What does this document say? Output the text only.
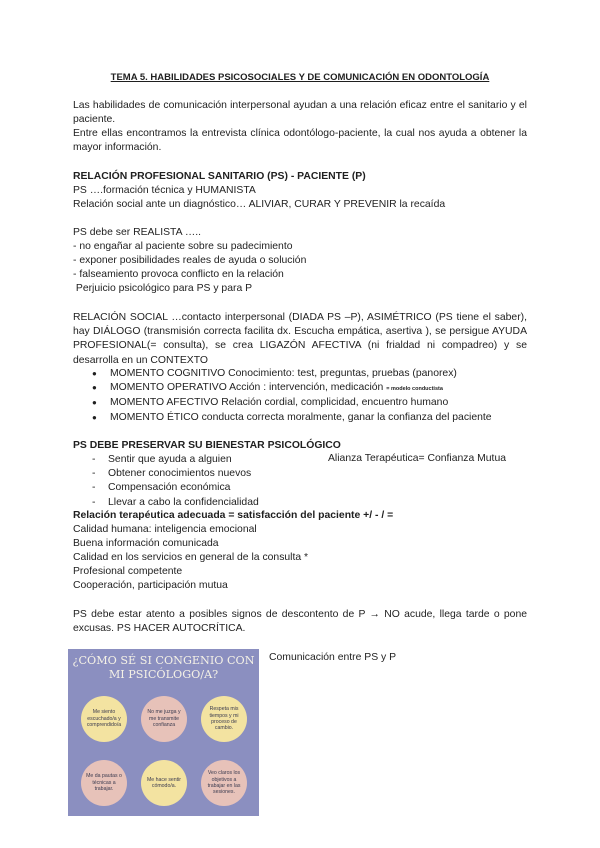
TEMA 5. HABILIDADES PSICOSOCIALES Y DE COMUNICACIÓN EN ODONTOLOGÍA
Las habilidades de comunicación interpersonal ayudan a una relación eficaz entre el sanitario y el paciente.
Entre ellas encontramos la entrevista clínica odontólogo-paciente, la cual nos ayuda a obtener la mayor información.
RELACIÓN PROFESIONAL SANITARIO (PS) - PACIENTE (P)
PS ….formación técnica y HUMANISTA
Relación social ante un diagnóstico… ALIVIAR, CURAR Y PREVENIR la recaída
PS debe ser REALISTA …..
- no engañar al paciente sobre su padecimiento
- exponer posibilidades reales de ayuda o solución
- falseamiento provoca conflicto en la relación
Perjuicio psicológico para PS y para P
RELACIÓN SOCIAL …contacto interpersonal (DIADA PS –P), ASIMÉTRICO (PS tiene el saber), hay DIÁLOGO (transmisión correcta facilita dx. Escucha empática, asertiva ), se persigue AYUDA PROFESIONAL(= consulta), se crea LIGAZÓN AFECTIVA (ni frialdad ni compadreo) y se desarrolla en un CONTEXTO
● MOMENTO COGNITIVO Conocimiento: test, preguntas, pruebas (panorex)
● MOMENTO OPERATIVO Acción : intervención, medicación = modelo conductista
● MOMENTO AFECTIVO Relación cordial, complicidad, encuentro humano
● MOMENTO ÉTICO conducta correcta moralmente, ganar la confianza del paciente
PS DEBE PRESERVAR SU BIENESTAR PSICOLÓGICO
- Sentir que ayuda a alguien
- Obtener conocimientos nuevos
- Compensación económica
- Llevar a cabo la confidencialidad
Alianza Terapéutica= Confianza Mutua
Relación terapéutica adecuada = satisfacción del paciente +/ - / =
Calidad humana: inteligencia emocional
Buena información comunicada
Calidad en los servicios en general de la consulta *
Profesional competente
Cooperación, participación mutua
PS debe estar atento a posibles signos de descontento de P → NO acude, llega tarde o pone excusas. PS HACER AUTOCRÍTICA.
¿CÓMO SÉ SI CONGENIO CON
MI PSICÓLOGO/A?
Me siento escuchado/a y comprendido/a
No me juzga y me transmite confianza
Respeta mis tiempos y mi proceso de cambio.
Me da pautas o técnicas a trabajar.
Me hace sentir cómodo/a.
Veo claros los objetivos a trabajar en las sesiones.
Comunicación entre PS y P
